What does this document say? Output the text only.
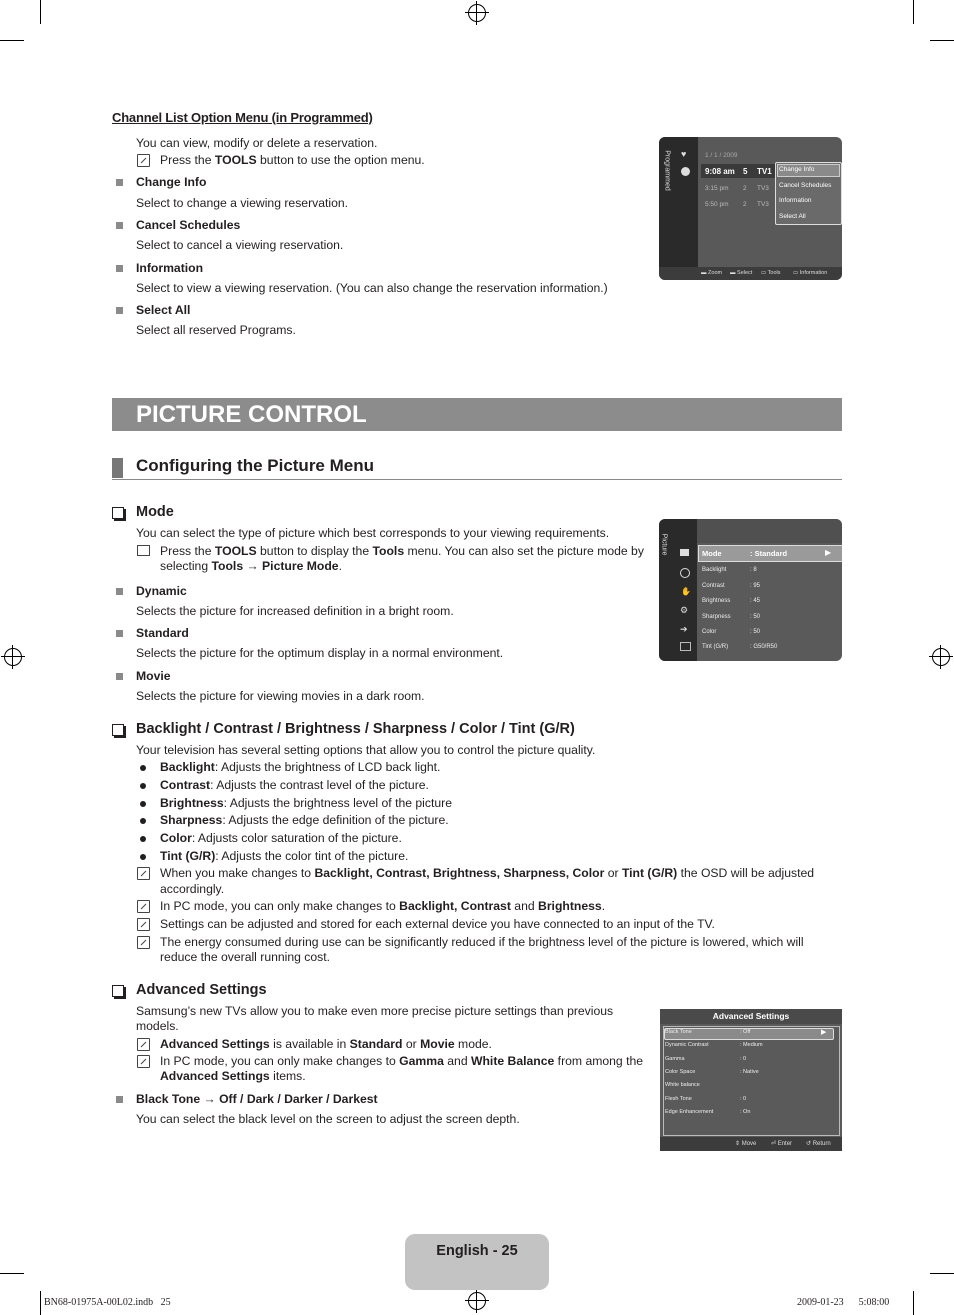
Channel List Option Menu (in Programmed)
You can view, modify or delete a reservation.
Press the TOOLS button to use the option menu.
Change Info
Select to change a viewing reservation.
Cancel Schedules
Select to cancel a viewing reservation.
Information
Select to view a viewing reservation. (You can also change the reservation information.)
Select All
Select all reserved Programs.
Programmed ♥	1 / 1 / 2009
9:08 am 5 TV1
3:15 pm 2 TV3
5:50 pm 2 TV3
Change Info
Cancel Schedules
Information
Select All
▬ Zoom ▬ Select ▭ Tools ▭ Information
PICTURE CONTROL
Configuring the Picture Menu
Mode
You can select the type of picture which best corresponds to your viewing requirements.
Press the TOOLS button to display the Tools menu. You can also set the picture mode by
selecting Tools → Picture Mode.
Dynamic
Selects the picture for increased definition in a bright room.
Standard
Selects the picture for the optimum display in a normal environment.
Movie
Selects the picture for viewing movies in a dark room.
Picture
✋
⚙
➔
Mode	: Standard	▶
Backlight	: 8
Contrast	: 95
Brightness	: 45
Sharpness	: 50
Color	: 50
Tint (G/R)	: G50/R50
Backlight / Contrast / Brightness / Sharpness / Color / Tint (G/R)
Your television has several setting options that allow you to control the picture quality.
Backlight: Adjusts the brightness of LCD back light.
Contrast: Adjusts the contrast level of the picture.
Brightness: Adjusts the brightness level of the picture
Sharpness: Adjusts the edge definition of the picture.
Color: Adjusts color saturation of the picture.
Tint (G/R): Adjusts the color tint of the picture.
When you make changes to Backlight, Contrast, Brightness, Sharpness, Color or Tint (G/R) the OSD will be adjusted
accordingly.
In PC mode, you can only make changes to Backlight, Contrast and Brightness.
Settings can be adjusted and stored for each external device you have connected to an input of the TV.
The energy consumed during use can be significantly reduced if the brightness level of the picture is lowered, which will
reduce the overall running cost.
Advanced Settings
Samsung’s new TVs allow you to make even more precise picture settings than previous
models.
Advanced Settings is available in Standard or Movie mode.
In PC mode, you can only make changes to Gamma and White Balance from among the
Advanced Settings items.
Black Tone → Off / Dark / Darker / Darkest
You can select the black level on the screen to adjust the screen depth.
Advanced Settings
▶
Black Tone	: Off
Dynamic Contrast	: Medium
Gamma	: 0
Color Space	: Native
White balance
Flesh Tone	: 0
Edge Enhancement	: On
⇕ Move ⏎ Enter ↺ Return
English - 25
BN68-01975A-00L02.indb   25	2009-01-23      5:08:00
